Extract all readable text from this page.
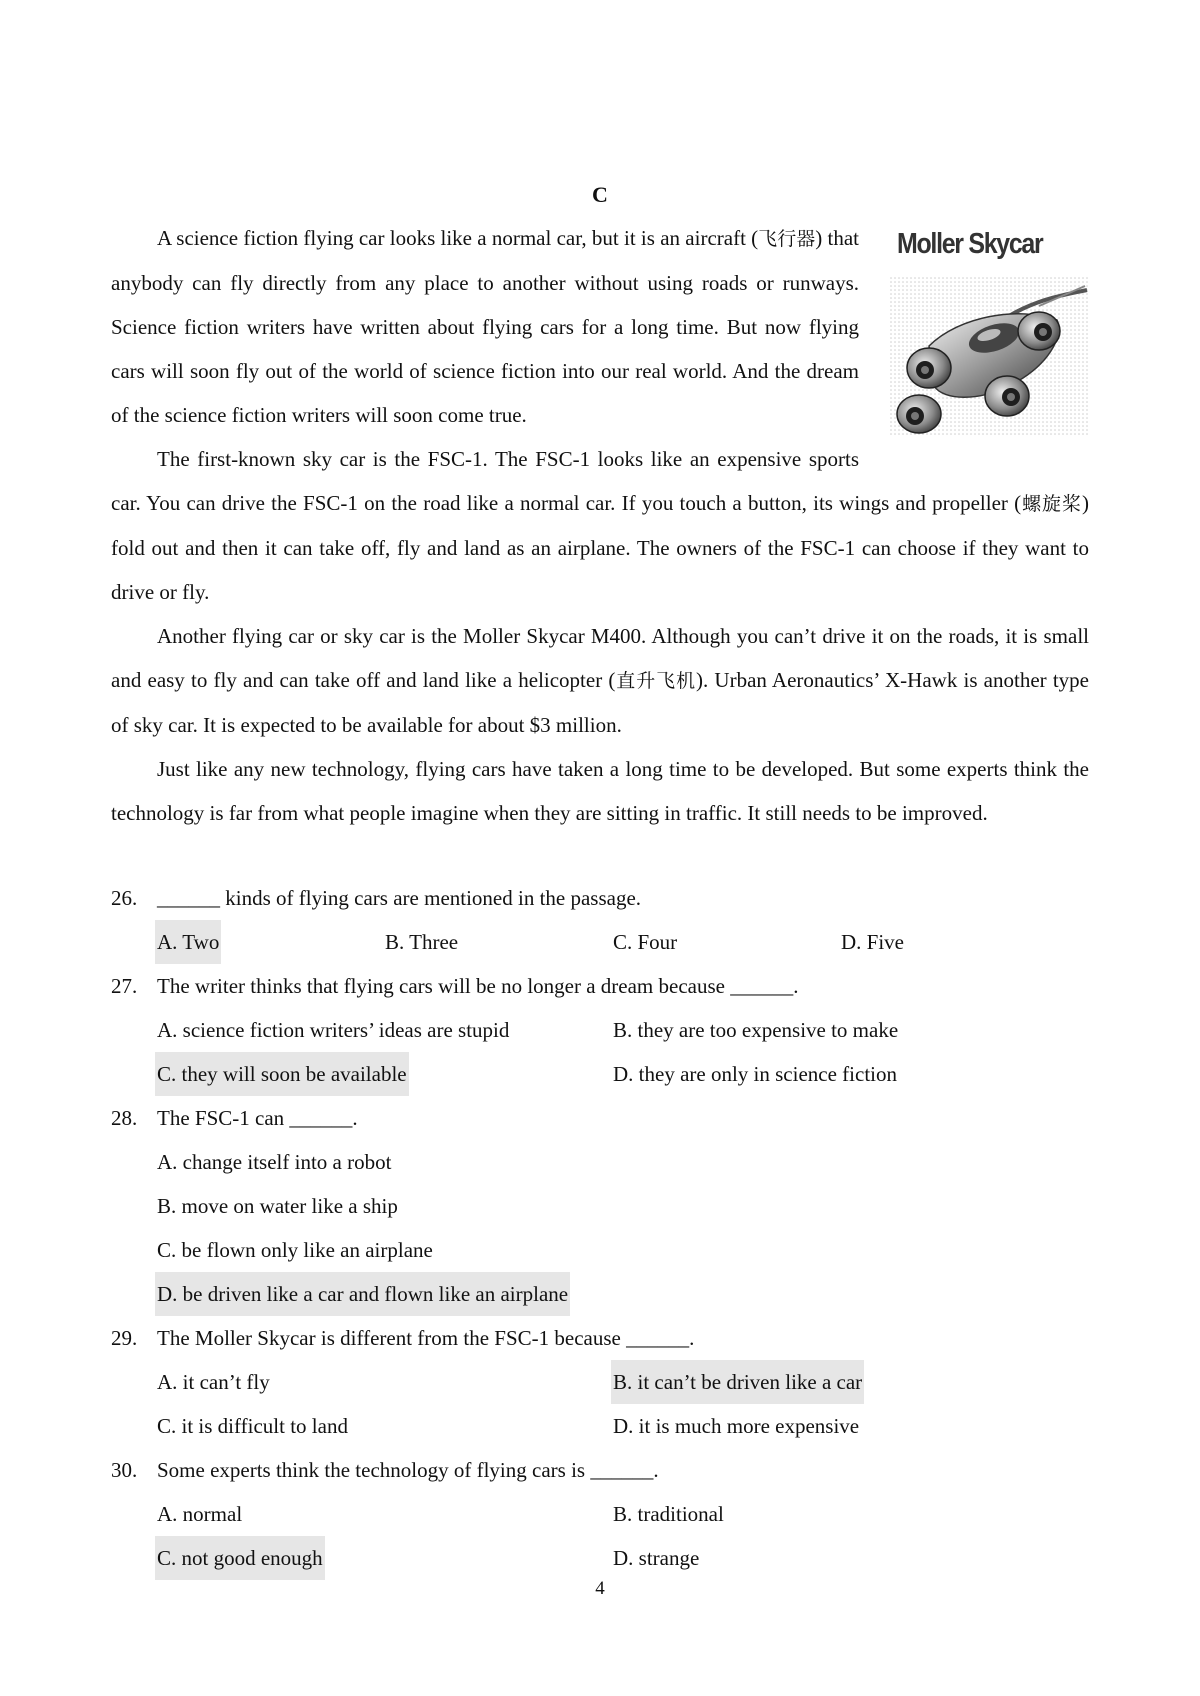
C
Moller Skycar

A science fiction flying car looks like a normal car, but it is an aircraft (飞行器) that anybody can fly directly from any place to another without using roads or runways. Science fiction writers have written about flying cars for a long time. But now flying cars will soon fly out of the world of science fiction into our real world. And the dream of the science fiction writers will soon come true.

The first-known sky car is the FSC-1. The FSC-1 looks like an expensive sports car. You can drive the FSC-1 on the road like a normal car. If you touch a button, its wings and propeller (螺旋桨) fold out and then it can take off, fly and land as an airplane. The owners of the FSC-1 can choose if they want to drive or fly.

Another flying car or sky car is the Moller Skycar M400. Although you can’t drive it on the roads, it is small and easy to fly and can take off and land like a helicopter (直升飞机). Urban Aeronautics’ X-Hawk is another type of sky car. It is expected to be available for about $3 million.

Just like any new technology, flying cars have taken a long time to be developed. But some experts think the technology is far from what people imagine when they are sitting in traffic. It still needs to be improved.

26. ______ kinds of flying cars are mentioned in the passage.
A. Two	B. Three	C. Four	D. Five
27. The writer thinks that flying cars will be no longer a dream because ______.
A. science fiction writers’ ideas are stupid	B. they are too expensive to make
C. they will soon be available	D. they are only in science fiction
28. The FSC-1 can ______.
A. change itself into a robot
B. move on water like a ship
C. be flown only like an airplane
D. be driven like a car and flown like an airplane
29. The Moller Skycar is different from the FSC-1 because ______.
A. it can’t fly	B. it can’t be driven like a car
C. it is difficult to land	D. it is much more expensive
30. Some experts think the technology of flying cars is ______.
A. normal	B. traditional
C. not good enough	D. strange
4
